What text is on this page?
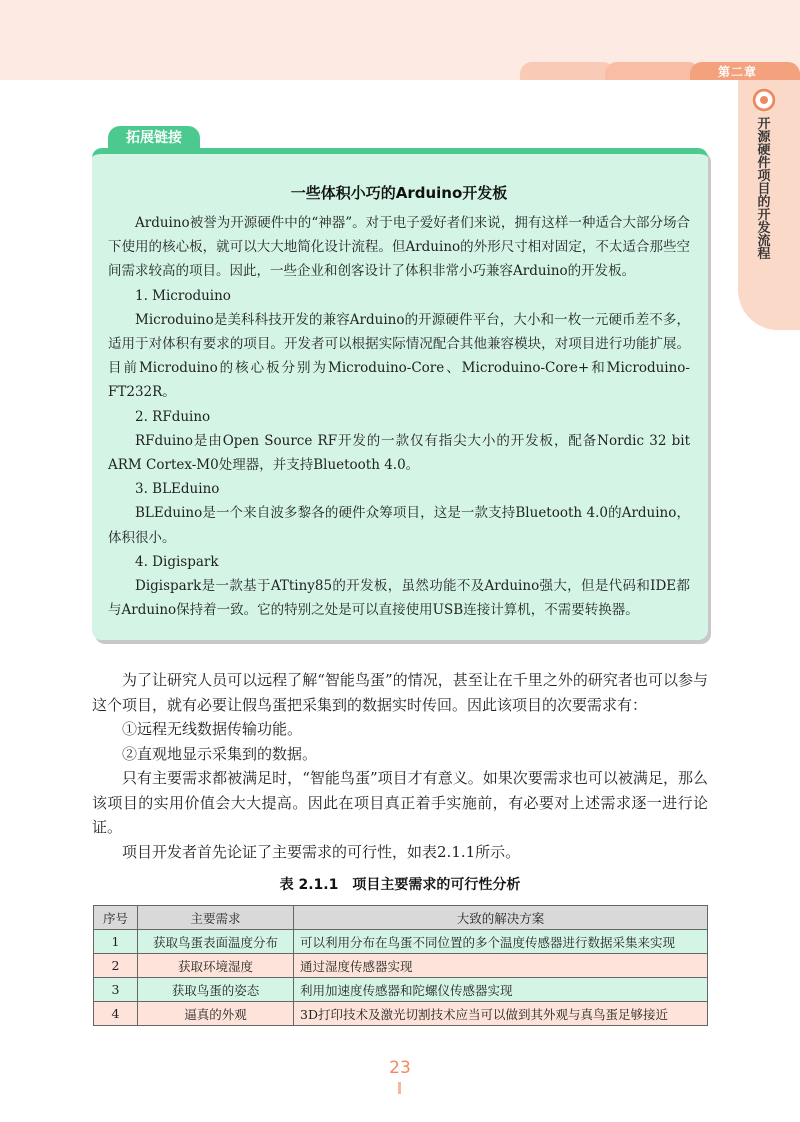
第二章
开源硬件项目的开发流程
拓展链接
一些体积小巧的Arduino开发板

Arduino被誉为开源硬件中的“神器”。对于电子爱好者们来说，拥有这样一种适合大部分场合下使用的核心板，就可以大大地简化设计流程。但Arduino的外形尺寸相对固定，不太适合那些空间需求较高的项目。因此，一些企业和创客设计了体积非常小巧兼容Arduino的开发板。

1. Microduino

Microduino是美科科技开发的兼容Arduino的开源硬件平台，大小和一枚一元硬币差不多，适用于对体积有要求的项目。开发者可以根据实际情况配合其他兼容模块，对项目进行功能扩展。目前Microduino的核心板分别为Microduino-Core、Microduino-Core+和Microduino-FT232R。

2. RFduino

RFduino是由Open Source RF开发的一款仅有指尖大小的开发板，配备Nordic 32 bit ARM Cortex-M0处理器，并支持Bluetooth 4.0。

3. BLEduino

BLEduino是一个来自波多黎各的硬件众筹项目，这是一款支持Bluetooth 4.0的Arduino，体积很小。

4. Digispark

Digispark是一款基于ATtiny85的开发板，虽然功能不及Arduino强大，但是代码和IDE都与Arduino保持着一致。它的特别之处是可以直接使用USB连接计算机，不需要转换器。

为了让研究人员可以远程了解“智能鸟蛋”的情况，甚至让在千里之外的研究者也可以参与这个项目，就有必要让假鸟蛋把采集到的数据实时传回。因此该项目的次要需求有：

①远程无线数据传输功能。

②直观地显示采集到的数据。

只有主要需求都被满足时，“智能鸟蛋”项目才有意义。如果次要需求也可以被满足，那么该项目的实用价值会大大提高。因此在项目真正着手实施前，有必要对上述需求逐一进行论证。

项目开发者首先论证了主要需求的可行性，如表2.1.1所示。

表 2.1.1　项目主要需求的可行性分析
序号	主要需求	大致的解决方案
1	获取鸟蛋表面温度分布	可以利用分布在鸟蛋不同位置的多个温度传感器进行数据采集来实现
2	获取环境湿度	通过湿度传感器实现
3	获取鸟蛋的姿态	利用加速度传感器和陀螺仪传感器实现
4	逼真的外观	3D打印技术及激光切割技术应当可以做到其外观与真鸟蛋足够接近
23
